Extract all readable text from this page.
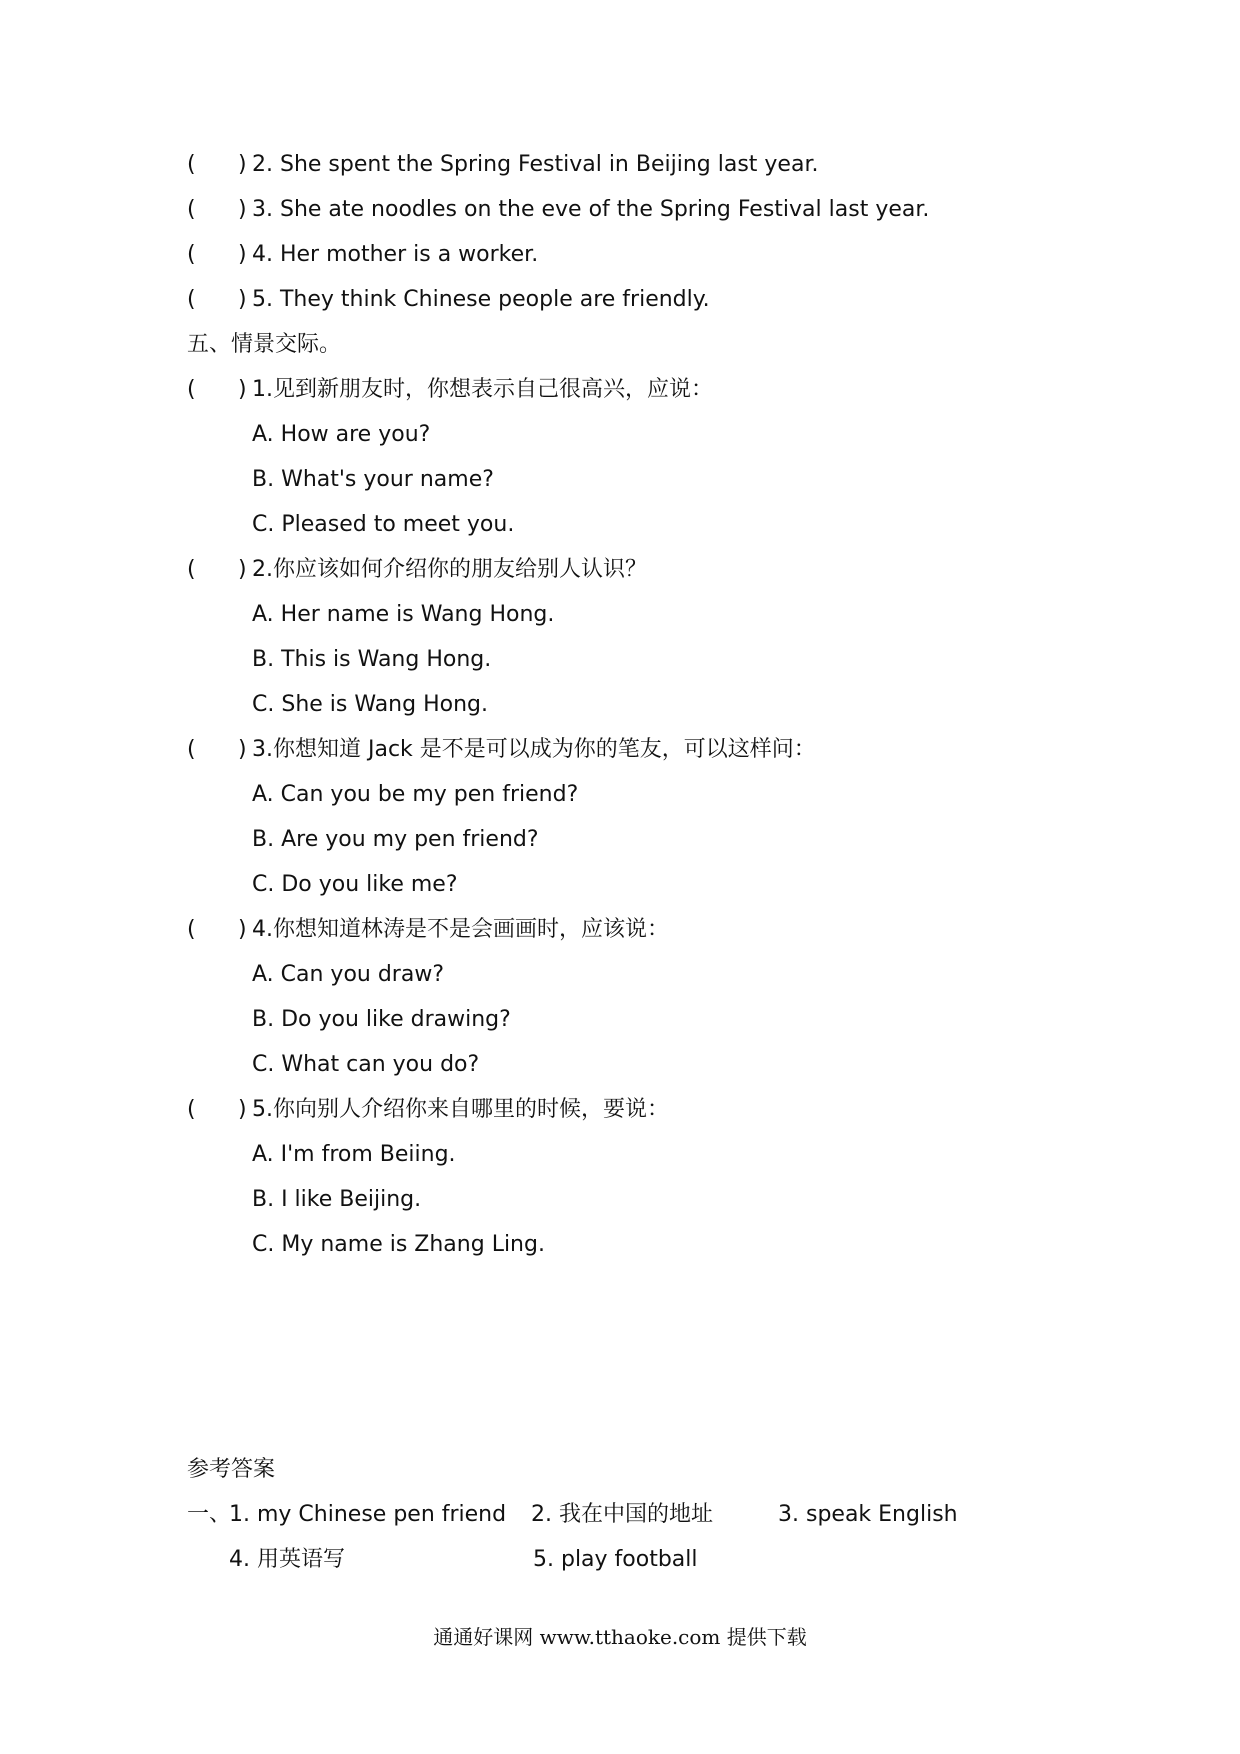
( ) 2. She spent the Spring Festival in Beijing last year.
( ) 3. She ate noodles on the eve of the Spring Festival last year.
( ) 4. Her mother is a worker.
( ) 5. They think Chinese people are friendly.
五、情景交际。
( ) 1.见到新朋友时，你想表示自己很高兴，应说：
A. How are you?
B. What's your name?
C. Pleased to meet you.
( ) 2.你应该如何介绍你的朋友给别人认识？
A. Her name is Wang Hong.
B. This is Wang Hong.
C. She is Wang Hong.
( ) 3.你想知道 Jack 是不是可以成为你的笔友，可以这样问：
A. Can you be my pen friend?
B. Are you my pen friend?
C. Do you like me?
( ) 4.你想知道林涛是不是会画画时，应该说：
A. Can you draw?
B. Do you like drawing?
C. What can you do?
( ) 5.你向别人介绍你来自哪里的时候，要说：
A. I'm from Beiing.
B. I like Beijing.
C. My name is Zhang Ling.
参考答案
一、
1. my Chinese pen friend 2. 我在中国的地址	3. speak English
4. 用英语写	5. play football
通通好课网 www.tthaoke.com 提供下载
